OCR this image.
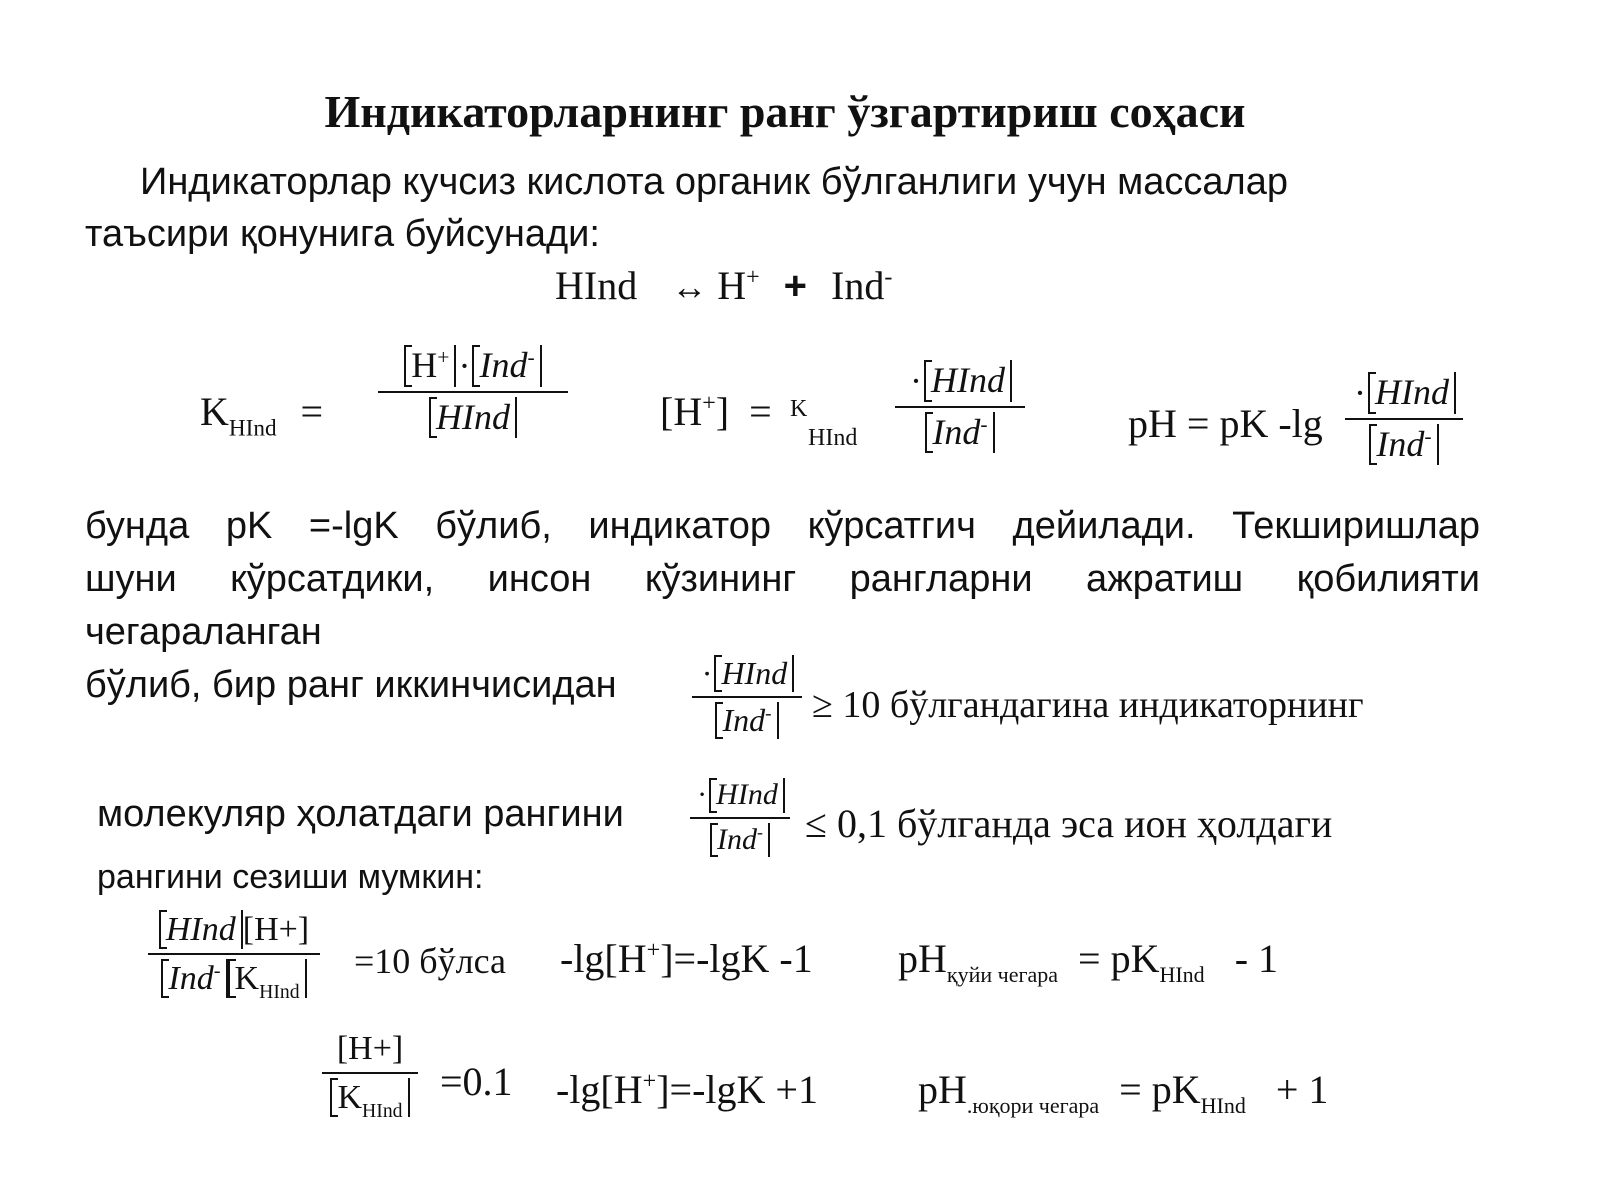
Индикаторларнинг ранг ўзгартириш соҳаси
Индикаторлар кучсиз кислота органик бўлганлиги учун массалар
таъсири қонунига буйсунади:
HInd ↔ H+ + Ind-
$K_{HInd}$ =
H+ · Ind-
HInd	[H+] = K
HInd
· HInd
Ind-	pH = pK -lg
· HInd
Ind-
бунда pK =-lgK бўлиб, индикатор кўрсатгич дейилади. Текширишлар
шуни кўрсатдики, инсон кўзининг рангларни ажратиш қобилияти
чегараланган
бўлиб, бир ранг иккинчисидан	· HInd
Ind- ≥ 10 бўлгандагина индикаторнинг
молекуляр ҳолатдаги рангини · HInd
Ind- ≤ 0,1 бўлганда эса ион ҳолдаги
рангини сезиши мумкин:
HInd [H+]
Ind- $K_{HInd}$
=10 бўлса -lg[H+]=-lgK -1 $pH_{қуйи чегара} = pK_{HInd} - 1$
[H+]
$K_{HInd}$
=0.1 -lg[H+]=-lgK +1	$pH_{.юқори чегара} = pK_{HInd} + 1$
